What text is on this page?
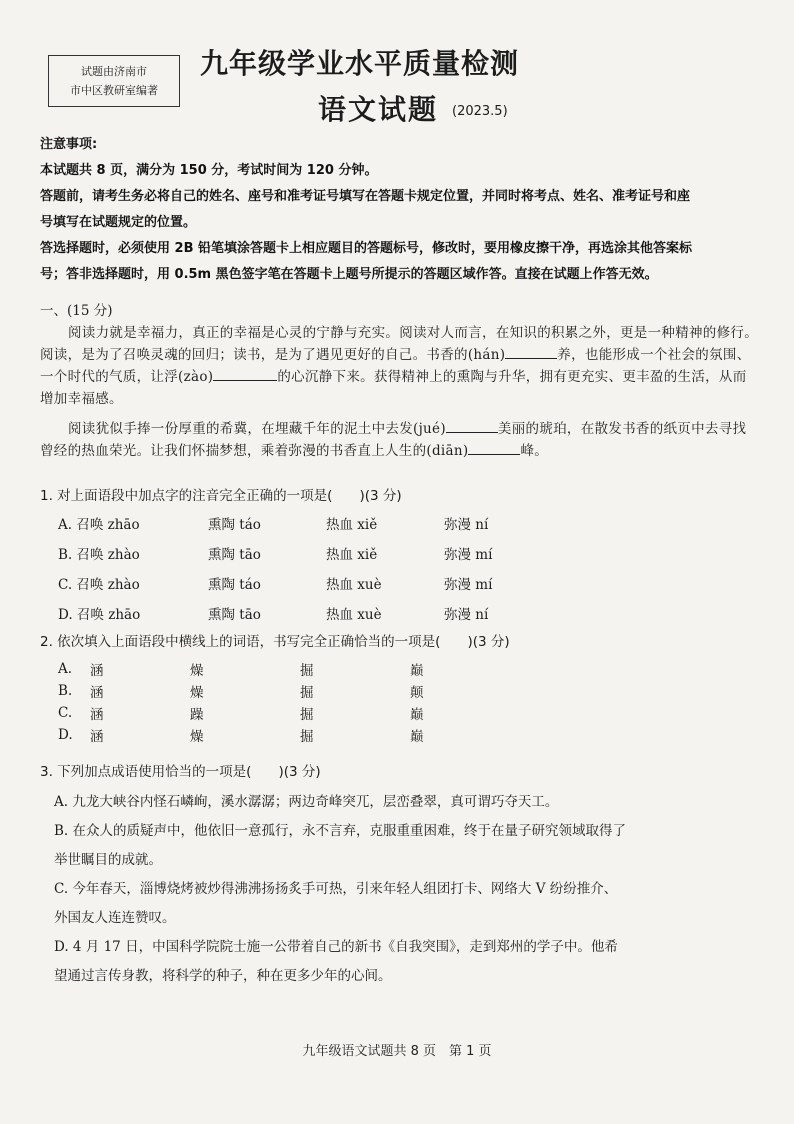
试题由济南市
市中区教研室编著
九年级学业水平质量检测
语文试题 (2023.5)

注意事项:

本试题共 8 页，满分为 150 分，考试时间为 120 分钟。

答题前，请考生务必将自己的姓名、座号和准考证号填写在答题卡规定位置，并同时将考点、姓名、准考证号和座

号填写在试题规定的位置。

答选择题时，必须使用 2B 铅笔填涂答题卡上相应题目的答题标号，修改时，要用橡皮擦干净，再选涂其他答案标

号；答非选择题时，用 0.5m 黑色签字笔在答题卡上题号所提示的答题区域作答。直接在试题上作答无效。

一、(15 分)

阅读力就是幸福力，真正的幸福是心灵的宁静与充实。阅读对人而言，在知识的积累之外，更是一种精神的修行。阅读，是为了召唤灵魂的回归；读书，是为了遇见更好的自己。书香的(hán)	养，也能形成一个社会的氛围、一个时代的气质，让浮(zào)	的心沉静下来。获得精神上的熏陶与升华，拥有更充实、更丰盈的生活，从而增加幸福感。

阅读犹似手捧一份厚重的希冀，在埋藏千年的泥土中去发(jué)	美丽的琥珀，在散发书香的纸页中去寻找曾经的热血荣光。让我们怀揣梦想，乘着弥漫的书香直上人生的(diān)	峰。

1. 对上面语段中加点字的注音完全正确的一项是(　　)(3 分)
A. 召唤 zhāo	熏陶 táo	热血 xiě	弥漫 ní
B. 召唤 zhào	熏陶 tāo	热血 xiě	弥漫 mí
C. 召唤 zhào	熏陶 táo	热血 xuè	弥漫 mí
D. 召唤 zhāo	熏陶 tāo	热血 xuè	弥漫 ní
2. 依次填入上面语段中横线上的词语，书写完全正确恰当的一项是(　　)(3 分)
A.	涵	燥	掘	巅
B.	涵	燥	掘	颠
C.	涵	躁	掘	巅
D.	涵	燥	掘	巅
3. 下列加点成语使用恰当的一项是(　　)(3 分)

A. 九龙大峡谷内怪石嶙峋，溪水潺潺；两边奇峰突兀，层峦叠翠，真可谓巧夺天工。

B. 在众人的质疑声中，他依旧一意孤行，永不言弃，克服重重困难，终于在量子研究领域取得了

举世瞩目的成就。

C. 今年春天，淄博烧烤被炒得沸沸扬扬炙手可热，引来年轻人组团打卡、网络大 V 纷纷推介、

外国友人连连赞叹。

D. 4 月 17 日，中国科学院院士施一公带着自己的新书《自我突围》，走到郑州的学子中。他希

望通过言传身教，将科学的种子，种在更多少年的心间。

九年级语文试题共 8 页　第 1 页
